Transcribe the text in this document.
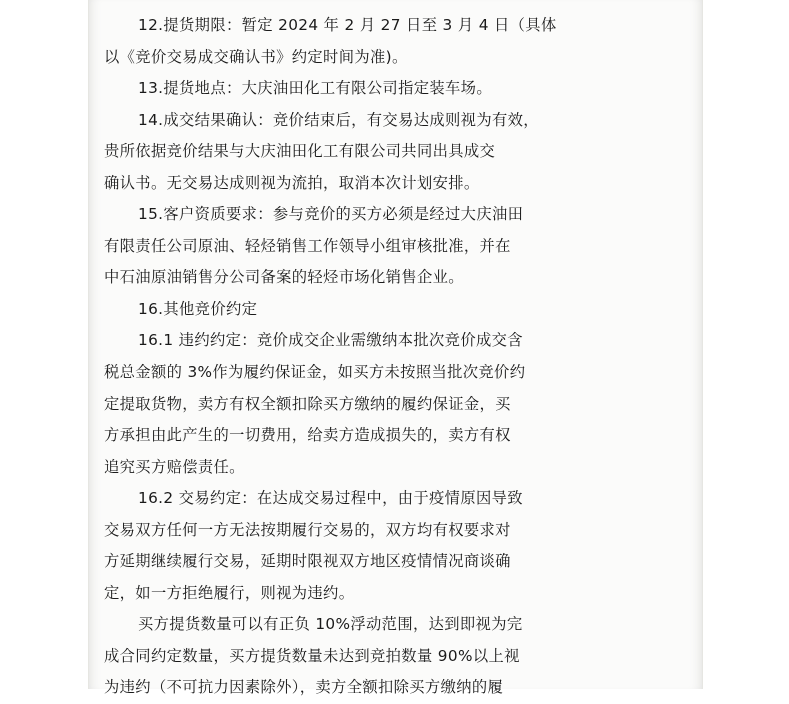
12.提货期限：暂定 2024 年 2 月 27 日至 3 月 4 日（具体
以《竞价交易成交确认书》约定时间为准)。
13.提货地点：大庆油田化工有限公司指定装车场。
14.成交结果确认：竞价结束后，有交易达成则视为有效，
贵所依据竞价结果与大庆油田化工有限公司共同出具成交
确认书。无交易达成则视为流拍，取消本次计划安排。
15.客户资质要求：参与竞价的买方必须是经过大庆油田
有限责任公司原油、轻烃销售工作领导小组审核批准，并在
中石油原油销售分公司备案的轻烃市场化销售企业。
16.其他竞价约定
16.1 违约约定：竞价成交企业需缴纳本批次竞价成交含
税总金额的 3%作为履约保证金，如买方未按照当批次竞价约
定提取货物，卖方有权全额扣除买方缴纳的履约保证金，买
方承担由此产生的一切费用，给卖方造成损失的，卖方有权
追究买方赔偿责任。
16.2 交易约定：在达成交易过程中，由于疫情原因导致
交易双方任何一方无法按期履行交易的，双方均有权要求对
方延期继续履行交易，延期时限视双方地区疫情情况商谈确
定，如一方拒绝履行，则视为违约。
买方提货数量可以有正负 10%浮动范围，达到即视为完
成合同约定数量，买方提货数量未达到竞拍数量 90%以上视
为违约（不可抗力因素除外），卖方全额扣除买方缴纳的履
